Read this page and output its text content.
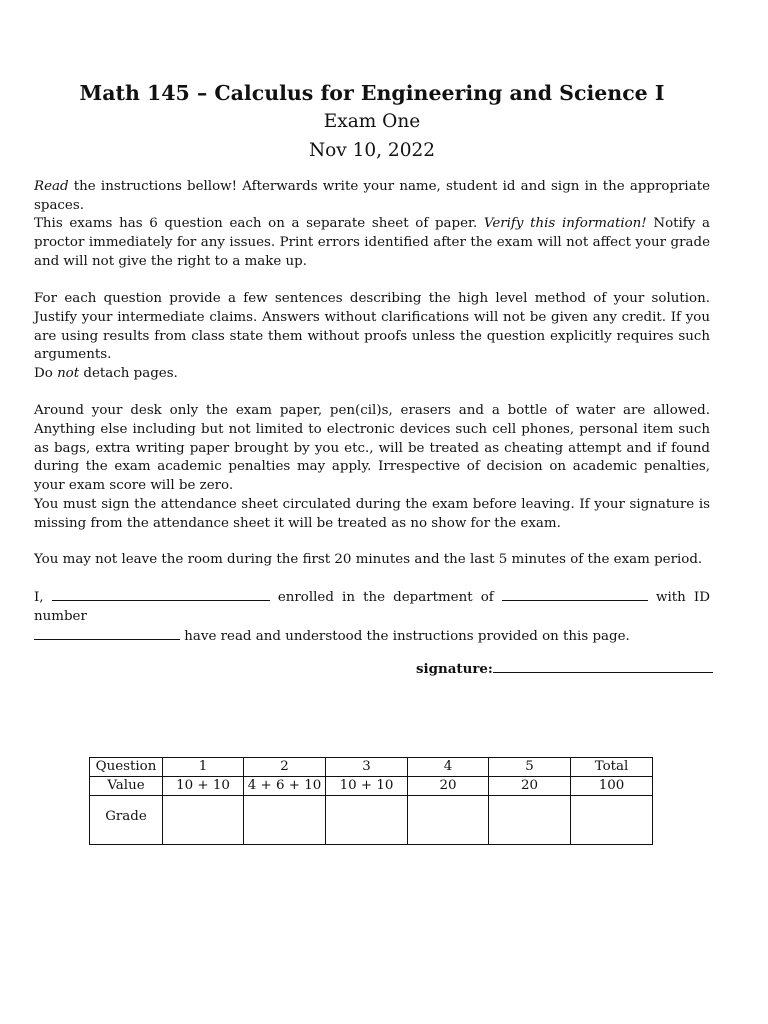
Math 145 – Calculus for Engineering and Science I
Exam One
Nov 10, 2022

Read the instructions bellow! Afterwards write your name, student id and sign in the appropriate spaces.

This exams has 6 question each on a separate sheet of paper. Verify this information! Notify a proctor immediately for any issues. Print errors identified after the exam will not affect your grade and will not give the right to a make up.

For each question provide a few sentences describing the high level method of your solution. Justify your intermediate claims. Answers without clarifications will not be given any credit. If you are using results from class state them without proofs unless the question explicitly requires such arguments.

Do not detach pages.

Around your desk only the exam paper, pen(cil)s, erasers and a bottle of water are allowed. Anything else including but not limited to electronic devices such cell phones, personal item such as bags, extra writing paper brought by you etc., will be treated as cheating attempt and if found during the exam academic penalties may apply. Irrespective of decision on academic penalties, your exam score will be zero.

You must sign the attendance sheet circulated during the exam before leaving. If your signature is missing from the attendance sheet it will be treated as no show for the exam.

You may not leave the room during the first 20 minutes and the last 5 minutes of the exam period.

I,	enrolled in the department of	with ID number
have read and understood the instructions provided on this page.

signature:
Question	1	2	3	4	5	Total
Value	10 + 10	4 + 6 + 10	10 + 10	20	20	100
Grade						
